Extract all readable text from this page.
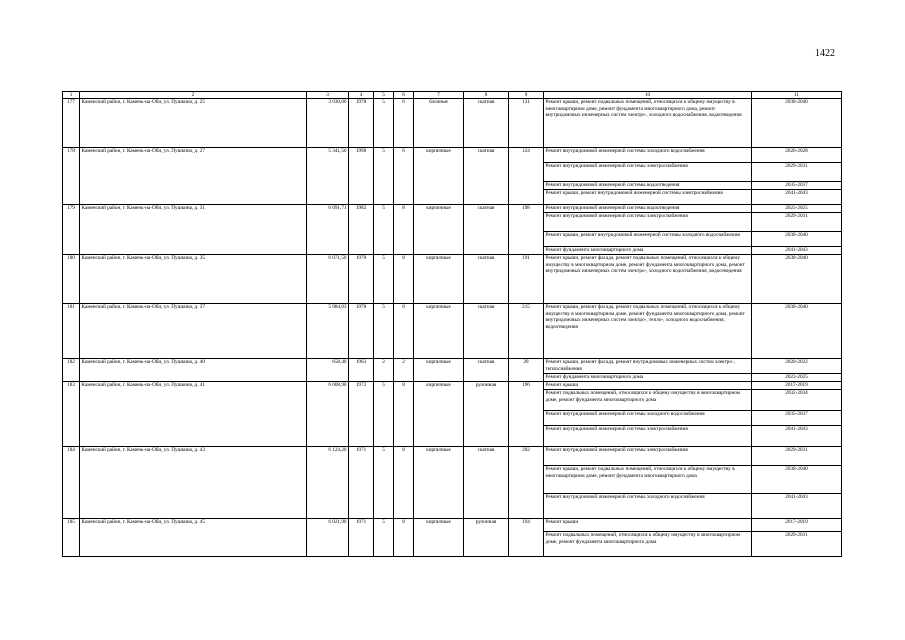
1422
1	2	3	4	5	6	7	8	9	10	11
177	Каменский район, г. Камень-на-Оби, ул. Пушкина, д. 25	3 030,00	1978	5	6	блочные	скатная	131	Ремонт крыши, ремонт подвальных помещений, относящихся к общему имуществу в многоквартирном доме, ремонт фундамента многоквартирного дома, ремонт внутридомовых инженерных систем электро-, холодного водоснабжения, водоотведения	2038-2040
178	Каменский район, г. Камень-на-Оби, ул. Пушкина, д. 27	5 341,50	1998	5	6	кирпичные	скатная	124	Ремонт внутридомовой инженерной системы холодного водоснабжения	2026-2028
									Ремонт внутридомовой инженерной системы электроснабжения	2029-2031
									Ремонт внутридомовой инженерной системы водоотведения	2035-2037
									Ремонт крыши, ремонт внутридомовой инженерной системы электроснабжения	2041-2043
179	Каменский район, г. Камень-на-Оби, ул. Пушкина, д. 31	6 091,71	1982	5	8	кирпичные	скатная	198	Ремонт внутридомовой инженерной системы водоотведения	2023-2025
									Ремонт внутридомовой инженерной системы электроснабжения	2029-2031
									Ремонт крыши, ремонт внутридомовой инженерной системы холодного водоснабжения	2038-2040
									Ремонт фундамента многоквартирного дома	2041-2043
180	Каменский район, г. Камень-на-Оби, ул. Пушкина, д. 35	6 071,50	1979	5	8	кирпичные	скатная	191	Ремонт крыши, ремонт фасада, ремонт подвальных помещений, относящихся к общему имуществу в многоквартирном доме, ремонт фундамента многоквартирного дома, ремонт внутридомовых инженерных систем электро-, холодного водоснабжения, водоотведения	2038-2040
181	Каменский район, г. Камень-на-Оби, ул. Пушкина, д. 37	5 984,03	1978	5	8	кирпичные	скатная	215	Ремонт крыши, ремонт фасада, ремонт подвальных помещений, относящихся к общему имуществу в многоквартирном доме, ремонт фундамента многоквартирного дома, ремонт внутридомовых инженерных систем электро-, тепло-, холодного водоснабжения, водоотведения	2038-2040
182	Каменский район, г. Камень-на-Оби, ул. Пушкина, д. 40	658,40	1963	2	2	кирпичные	скатная	28	Ремонт крыши, ремонт фасада, ремонт внутридомовых инженерных систем электро-, теплоснабжения	2020-2022
									Ремонт фундамента многоквартирного дома	2023-2025
183	Каменский район, г. Камень-на-Оби, ул. Пушкина, д. 41	6 008,90	1972	5	8	кирпичные	рулонная	196	Ремонт крыши	2017-2019
									Ремонт подвальных помещений, относящихся к общему имуществу в многоквартирном доме, ремонт фундамента многоквартирного дома	2032-2034
									Ремонт внутридомовой инженерной системы холодного водоснабжения	2035-2037
									Ремонт внутридомовой инженерной системы электроснабжения	2041-2043
184	Каменский район, г. Камень-на-Оби, ул. Пушкина, д. 43	6 124,20	1971	5	8	кирпичные	скатная	202	Ремонт внутридомовой инженерной системы электроснабжения	2029-2031
									Ремонт крыши, ремонт подвальных помещений, относящихся к общему имуществу в многоквартирном доме, ремонт фундамента многоквартирного дома	2038-2040
									Ремонт внутридомовой инженерной системы холодного водоснабжения	2041-2043
185	Каменский район, г. Камень-на-Оби, ул. Пушкина, д. 45	6 021,90	1971	5	8	кирпичные	рулонная	194	Ремонт крыши	2017-2019
									Ремонт подвальных помещений, относящихся к общему имуществу в многоквартирном доме, ремонт фундамента многоквартирного дома	2029-2031
